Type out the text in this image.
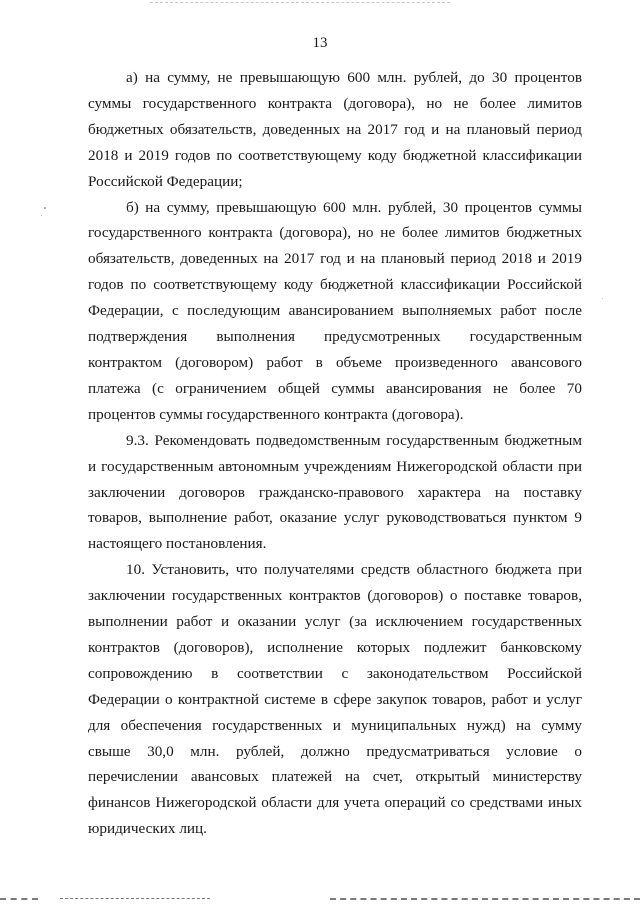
13

а) на сумму, не превышающую 600 млн. рублей, до 30 процентов суммы государственного контракта (договора), но не более лимитов бюджетных обязательств, доведенных на 2017 год и на плановый период 2018 и 2019 годов по соответствующему коду бюджетной классификации Российской Федерации;

б) на сумму, превышающую 600 млн. рублей, 30 процентов суммы государственного контракта (договора), но не более лимитов бюджетных обязательств, доведенных на 2017 год и на плановый период 2018 и 2019 годов по соответствующему коду бюджетной классификации Российской Федерации, с последующим авансированием выполняемых работ после подтверждения выполнения предусмотренных государственным контрактом (договором) работ в объеме произведенного авансового платежа (с ограничением общей суммы авансирования не более 70 процентов суммы государственного контракта (договора).

9.3. Рекомендовать подведомственным государственным бюджетным и государственным автономным учреждениям Нижегородской области при заключении договоров гражданско-правового характера на поставку товаров, выполнение работ, оказание услуг руководствоваться пунктом 9 настоящего постановления.

10. Установить, что получателями средств областного бюджета при заключении государственных контрактов (договоров) о поставке товаров, выполнении работ и оказании услуг (за исключением государственных контрактов (договоров), исполнение которых подлежит банковскому сопровождению в соответствии с законодательством Российской Федерации о контрактной системе в сфере закупок товаров, работ и услуг для обеспечения государственных и муниципальных нужд) на сумму свыше 30,0 млн. рублей, должно предусматриваться условие о перечислении авансовых платежей на счет, открытый министерству финансов Нижегородской области для учета операций со средствами иных юридических лиц.
